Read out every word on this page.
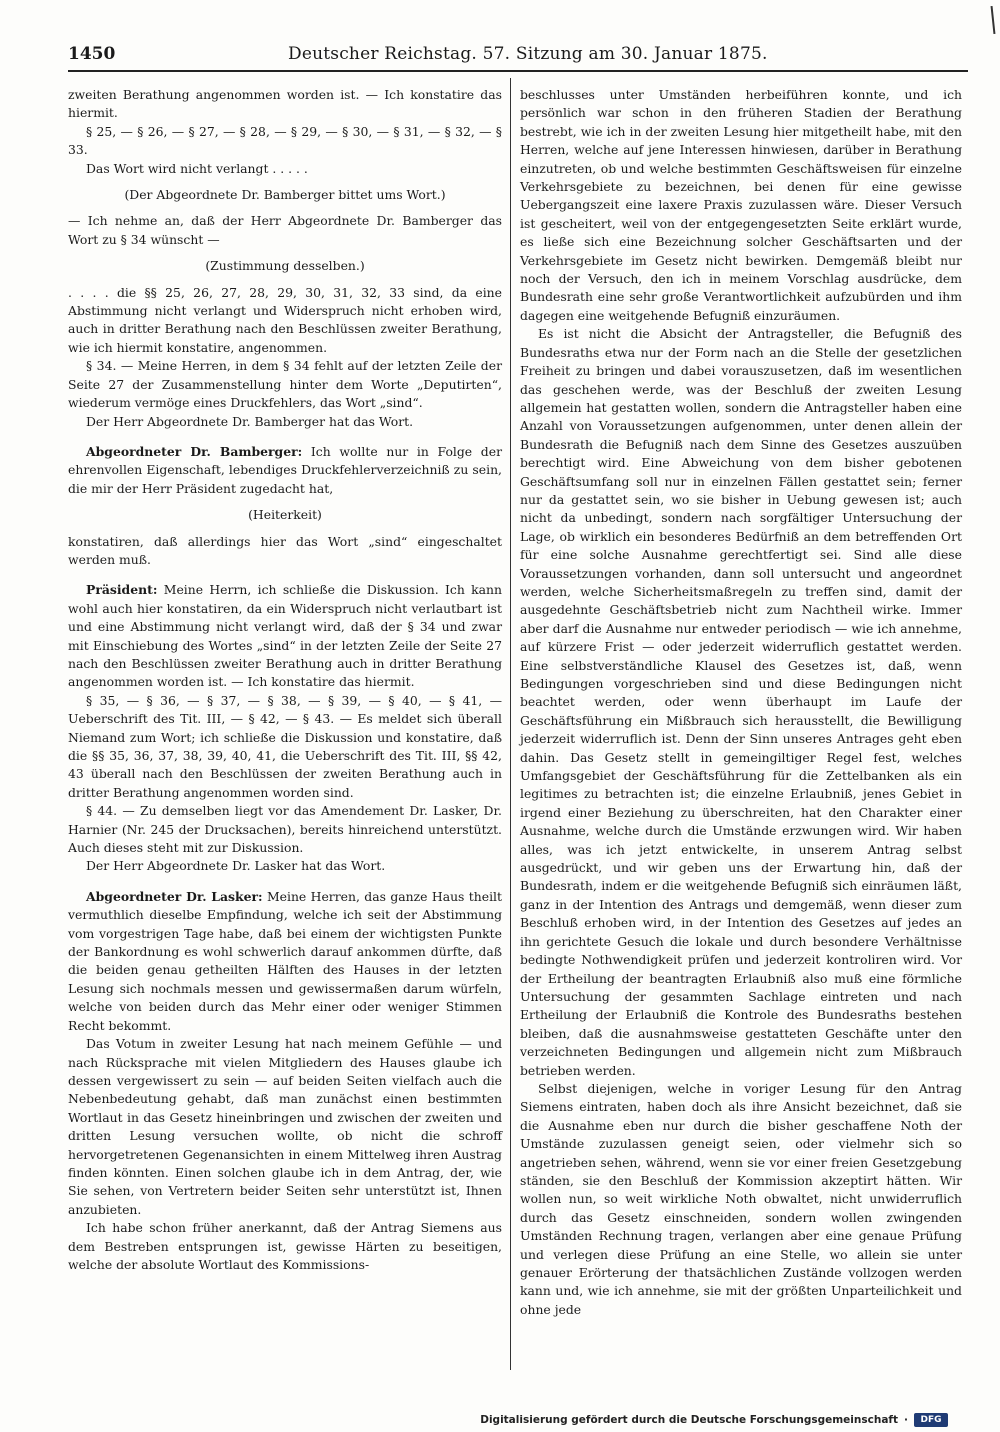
1450	Deutscher Reichstag. 57. Sitzung am 30. Januar 1875.

zweiten Berathung angenommen worden ist. — Ich konstatire das hiermit.

§ 25, — § 26, — § 27, — § 28, — § 29, — § 30, — § 31, — § 32, — § 33.

Das Wort wird nicht verlangt . . . . .

(Der Abgeordnete Dr. Bamberger bittet ums Wort.)

— Ich nehme an, daß der Herr Abgeordnete Dr. Bamberger das Wort zu § 34 wünscht —

(Zustimmung desselben.)

. . . . die §§ 25, 26, 27, 28, 29, 30, 31, 32, 33 sind, da eine Abstimmung nicht verlangt und Widerspruch nicht erhoben wird, auch in dritter Berathung nach den Beschlüssen zweiter Berathung, wie ich hiermit konstatire, angenommen.

§ 34. — Meine Herren, in dem § 34 fehlt auf der letzten Zeile der Seite 27 der Zusammenstellung hinter dem Worte „Deputirten“, wiederum vermöge eines Druckfehlers, das Wort „sind“.

Der Herr Abgeordnete Dr. Bamberger hat das Wort.

Abgeordneter Dr. Bamberger: Ich wollte nur in Folge der ehrenvollen Eigenschaft, lebendiges Druckfehlerverzeichniß zu sein, die mir der Herr Präsident zugedacht hat,

(Heiterkeit)

konstatiren, daß allerdings hier das Wort „sind“ eingeschaltet werden muß.

Präsident: Meine Herrn, ich schließe die Diskussion. Ich kann wohl auch hier konstatiren, da ein Widerspruch nicht verlautbart ist und eine Abstimmung nicht verlangt wird, daß der § 34 und zwar mit Einschiebung des Wortes „sind“ in der letzten Zeile der Seite 27 nach den Beschlüssen zweiter Berathung auch in dritter Berathung angenommen worden ist. — Ich konstatire das hiermit.

§ 35, — § 36, — § 37, — § 38, — § 39, — § 40, — § 41, — Ueberschrift des Tit. III, — § 42, — § 43. — Es meldet sich überall Niemand zum Wort; ich schließe die Diskussion und konstatire, daß die §§ 35, 36, 37, 38, 39, 40, 41, die Ueberschrift des Tit. III, §§ 42, 43 überall nach den Beschlüssen der zweiten Berathung auch in dritter Berathung angenommen worden sind.

§ 44. — Zu demselben liegt vor das Amendement Dr. Lasker, Dr. Harnier (Nr. 245 der Drucksachen), bereits hinreichend unterstützt. Auch dieses steht mit zur Diskussion.

Der Herr Abgeordnete Dr. Lasker hat das Wort.

Abgeordneter Dr. Lasker: Meine Herren, das ganze Haus theilt vermuthlich dieselbe Empfindung, welche ich seit der Abstimmung vom vorgestrigen Tage habe, daß bei einem der wichtigsten Punkte der Bankordnung es wohl schwerlich darauf ankommen dürfte, daß die beiden genau getheilten Hälften des Hauses in der letzten Lesung sich nochmals messen und gewissermaßen darum würfeln, welche von beiden durch das Mehr einer oder weniger Stimmen Recht bekommt.

Das Votum in zweiter Lesung hat nach meinem Gefühle — und nach Rücksprache mit vielen Mitgliedern des Hauses glaube ich dessen vergewissert zu sein — auf beiden Seiten vielfach auch die Nebenbedeutung gehabt, daß man zunächst einen bestimmten Wortlaut in das Gesetz hineinbringen und zwischen der zweiten und dritten Lesung versuchen wollte, ob nicht die schroff hervorgetretenen Gegenansichten in einem Mittelweg ihren Austrag finden könnten. Einen solchen glaube ich in dem Antrag, der, wie Sie sehen, von Vertretern beider Seiten sehr unterstützt ist, Ihnen anzubieten.

Ich habe schon früher anerkannt, daß der Antrag Siemens aus dem Bestreben entsprungen ist, gewisse Härten zu beseitigen, welche der absolute Wortlaut des Kommissions-

beschlusses unter Umständen herbeiführen konnte, und ich persönlich war schon in den früheren Stadien der Berathung bestrebt, wie ich in der zweiten Lesung hier mitgetheilt habe, mit den Herren, welche auf jene Interessen hinwiesen, darüber in Berathung einzutreten, ob und welche bestimmten Geschäftsweisen für einzelne Verkehrsgebiete zu bezeichnen, bei denen für eine gewisse Uebergangszeit eine laxere Praxis zuzulassen wäre. Dieser Versuch ist gescheitert, weil von der entgegengesetzten Seite erklärt wurde, es ließe sich eine Bezeichnung solcher Geschäftsarten und der Verkehrsgebiete im Gesetz nicht bewirken. Demgemäß bleibt nur noch der Versuch, den ich in meinem Vorschlag ausdrücke, dem Bundesrath eine sehr große Verantwortlichkeit aufzubürden und ihm dagegen eine weitgehende Befugniß einzuräumen.

Es ist nicht die Absicht der Antragsteller, die Befugniß des Bundesraths etwa nur der Form nach an die Stelle der gesetzlichen Freiheit zu bringen und dabei vorauszusetzen, daß im wesentlichen das geschehen werde, was der Beschluß der zweiten Lesung allgemein hat gestatten wollen, sondern die Antragsteller haben eine Anzahl von Voraussetzungen aufgenommen, unter denen allein der Bundesrath die Befugniß nach dem Sinne des Gesetzes auszuüben berechtigt wird. Eine Abweichung von dem bisher gebotenen Geschäftsumfang soll nur in einzelnen Fällen gestattet sein; ferner nur da gestattet sein, wo sie bisher in Uebung gewesen ist; auch nicht da unbedingt, sondern nach sorgfältiger Untersuchung der Lage, ob wirklich ein besonderes Bedürfniß an dem betreffenden Ort für eine solche Ausnahme gerechtfertigt sei. Sind alle diese Voraussetzungen vorhanden, dann soll untersucht und angeordnet werden, welche Sicherheitsmaßregeln zu treffen sind, damit der ausgedehnte Geschäftsbetrieb nicht zum Nachtheil wirke. Immer aber darf die Ausnahme nur entweder periodisch — wie ich annehme, auf kürzere Frist — oder jederzeit widerruflich gestattet werden. Eine selbstverständliche Klausel des Gesetzes ist, daß, wenn Bedingungen vorgeschrieben sind und diese Bedingungen nicht beachtet werden, oder wenn überhaupt im Laufe der Geschäftsführung ein Mißbrauch sich herausstellt, die Bewilligung jederzeit widerruflich ist. Denn der Sinn unseres Antrages geht eben dahin. Das Gesetz stellt in gemeingiltiger Regel fest, welches Umfangsgebiet der Geschäftsführung für die Zettelbanken als ein legitimes zu betrachten ist; die einzelne Erlaubniß, jenes Gebiet in irgend einer Beziehung zu überschreiten, hat den Charakter einer Ausnahme, welche durch die Umstände erzwungen wird. Wir haben alles, was ich jetzt entwickelte, in unserem Antrag selbst ausgedrückt, und wir geben uns der Erwartung hin, daß der Bundesrath, indem er die weitgehende Befugniß sich einräumen läßt, ganz in der Intention des Antrags und demgemäß, wenn dieser zum Beschluß erhoben wird, in der Intention des Gesetzes auf jedes an ihn gerichtete Gesuch die lokale und durch besondere Verhältnisse bedingte Nothwendigkeit prüfen und jederzeit kontroliren wird. Vor der Ertheilung der beantragten Erlaubniß also muß eine förmliche Untersuchung der gesammten Sachlage eintreten und nach Ertheilung der Erlaubniß die Kontrole des Bundesraths bestehen bleiben, daß die ausnahmsweise gestatteten Geschäfte unter den verzeichneten Bedingungen und allgemein nicht zum Mißbrauch betrieben werden.

Selbst diejenigen, welche in voriger Lesung für den Antrag Siemens eintraten, haben doch als ihre Ansicht bezeichnet, daß sie die Ausnahme eben nur durch die bisher geschaffene Noth der Umstände zuzulassen geneigt seien, oder vielmehr sich so angetrieben sehen, während, wenn sie vor einer freien Gesetzgebung ständen, sie den Beschluß der Kommission akzeptirt hätten. Wir wollen nun, so weit wirkliche Noth obwaltet, nicht unwiderruflich durch das Gesetz einschneiden, sondern wollen zwingenden Umständen Rechnung tragen, verlangen aber eine genaue Prüfung und verlegen diese Prüfung an eine Stelle, wo allein sie unter genauer Erörterung der thatsächlichen Zustände vollzogen werden kann und, wie ich annehme, sie mit der größten Unparteilichkeit und ohne jede

Digitalisierung gefördert durch die Deutsche Forschungsgemeinschaft ·	DFG
